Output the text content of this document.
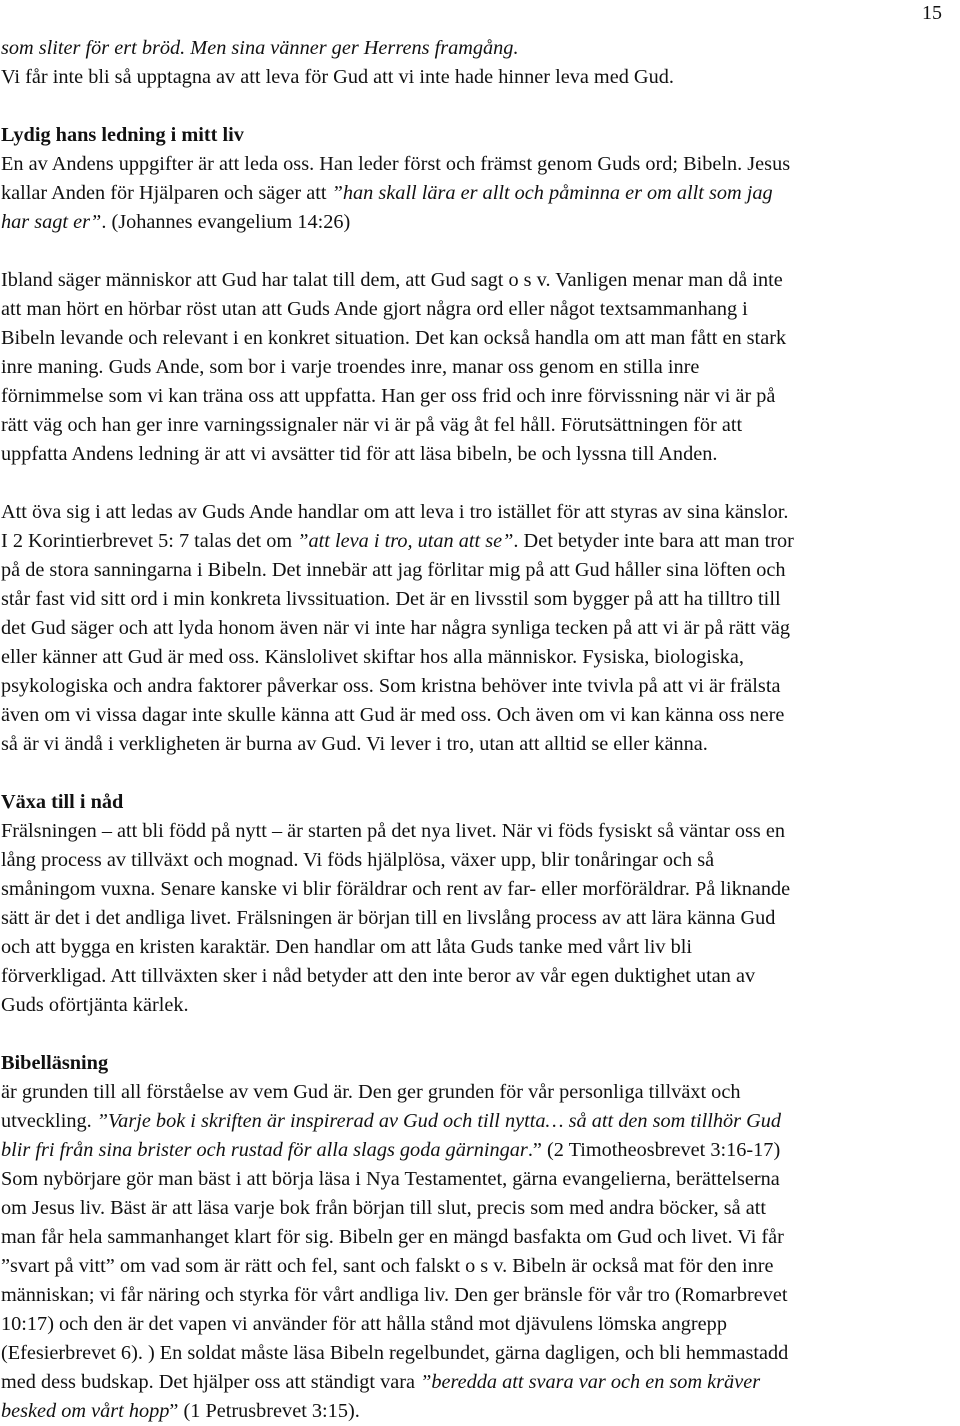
15
som sliter för ert bröd. Men sina vänner ger Herrens framgång.
Vi får inte bli så upptagna av att leva för Gud att vi inte hade hinner leva med Gud.
Lydig hans ledning i mitt liv
En av Andens uppgifter är att leda oss. Han leder först och främst genom Guds ord; Bibeln. Jesus
kallar Anden för Hjälparen och säger att ”han skall lära er allt och påminna er om allt som jag
har sagt er”. (Johannes evangelium 14:26)
Ibland säger människor att Gud har talat till dem, att Gud sagt o s v. Vanligen menar man då inte
att man hört en hörbar röst utan att Guds Ande gjort några ord eller något textsammanhang i
Bibeln levande och relevant i en konkret situation. Det kan också handla om att man fått en stark
inre maning. Guds Ande, som bor i varje troendes inre, manar oss genom en stilla inre
förnimmelse som vi kan träna oss att uppfatta. Han ger oss frid och inre förvissning när vi är på
rätt väg och han ger inre varningssignaler när vi är på väg åt fel håll. Förutsättningen för att
uppfatta Andens ledning är att vi avsätter tid för att läsa bibeln, be och lyssna till Anden.
Att öva sig i att ledas av Guds Ande handlar om att leva i tro istället för att styras av sina känslor.
I 2 Korintierbrevet 5: 7 talas det om ”att leva i tro, utan att se”. Det betyder inte bara att man tror
på de stora sanningarna i Bibeln. Det innebär att jag förlitar mig på att Gud håller sina löften och
står fast vid sitt ord i min konkreta livssituation. Det är en livsstil som bygger på att ha tilltro till
det Gud säger och att lyda honom även när vi inte har några synliga tecken på att vi är på rätt väg
eller känner att Gud är med oss. Känslolivet skiftar hos alla människor. Fysiska, biologiska,
psykologiska och andra faktorer påverkar oss. Som kristna behöver inte tvivla på att vi är frälsta
även om vi vissa dagar inte skulle känna att Gud är med oss. Och även om vi kan känna oss nere
så är vi ändå i verkligheten är burna av Gud. Vi lever i tro, utan att alltid se eller känna.
Växa till i nåd
Frälsningen – att bli född på nytt – är starten på det nya livet. När vi föds fysiskt så väntar oss en
lång process av tillväxt och mognad. Vi föds hjälplösa, växer upp, blir tonåringar och så
småningom vuxna. Senare kanske vi blir föräldrar och rent av far- eller morföräldrar. På liknande
sätt är det i det andliga livet. Frälsningen är början till en livslång process av att lära känna Gud
och att bygga en kristen karaktär. Den handlar om att låta Guds tanke med vårt liv bli
förverkligad. Att tillväxten sker i nåd betyder att den inte beror av vår egen duktighet utan av
Guds oförtjänta kärlek.
Bibelläsning
är grunden till all förståelse av vem Gud är. Den ger grunden för vår personliga tillväxt och
utveckling. ”Varje bok i skriften är inspirerad av Gud och till nytta… så att den som tillhör Gud
blir fri från sina brister och rustad för alla slags goda gärningar.” (2 Timotheosbrevet 3:16-17)
Som nybörjare gör man bäst i att börja läsa i Nya Testamentet, gärna evangelierna, berättelserna
om Jesus liv. Bäst är att läsa varje bok från början till slut, precis som med andra böcker, så att
man får hela sammanhanget klart för sig. Bibeln ger en mängd basfakta om Gud och livet. Vi får
”svart på vitt” om vad som är rätt och fel, sant och falskt o s v. Bibeln är också mat för den inre
människan; vi får näring och styrka för vårt andliga liv. Den ger bränsle för vår tro (Romarbrevet
10:17) och den är det vapen vi använder för att hålla stånd mot djävulens lömska angrepp
(Efesierbrevet 6). ) En soldat måste läsa Bibeln regelbundet, gärna dagligen, och bli hemmastadd
med dess budskap. Det hjälper oss att ständigt vara ”beredda att svara var och en som kräver
besked om vårt hopp” (1 Petrusbrevet 3:15).
